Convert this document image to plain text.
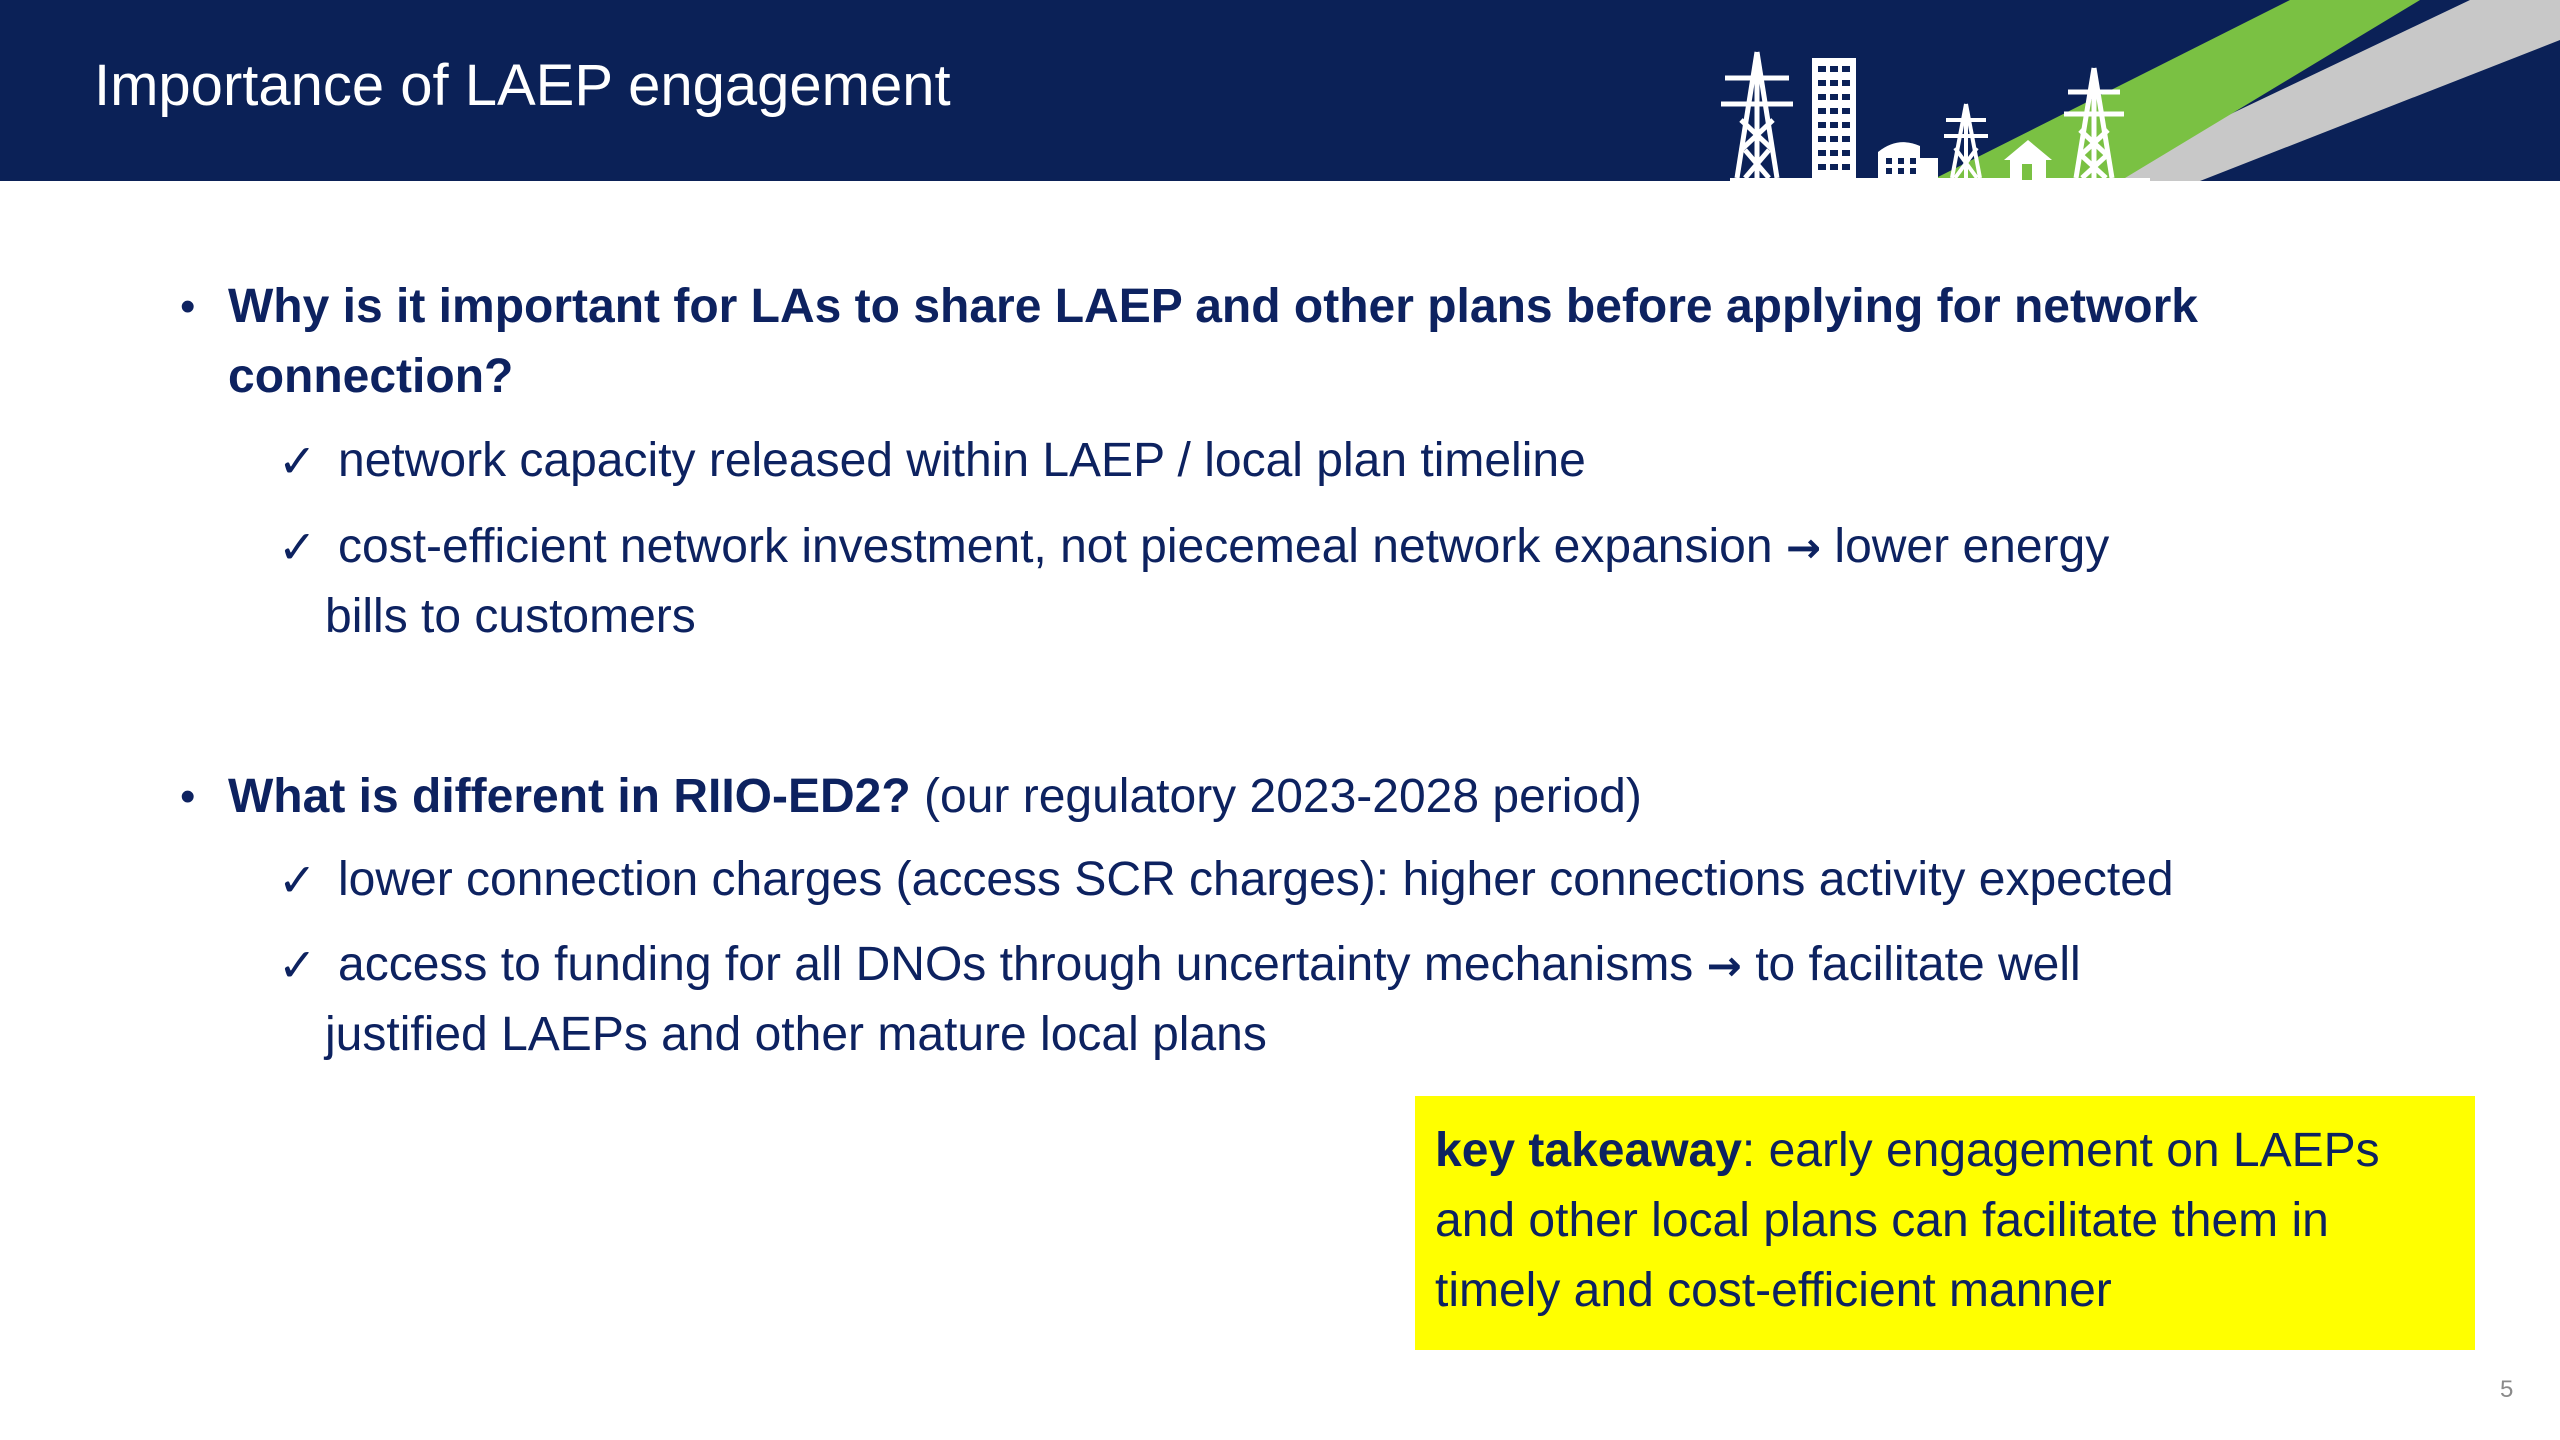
Importance of LAEP engagement
• Why is it important for LAs to share LAEP and other plans before applying for network
connection?
✓ network capacity released within LAEP / local plan timeline
✓ cost-efficient network investment, not piecemeal network expansion → lower energy
bills to customers
• What is different in RIIO-ED2? (our regulatory 2023-2028 period)
✓ lower connection charges (access SCR charges): higher connections activity expected
✓ access to funding for all DNOs through uncertainty mechanisms → to facilitate well
justified LAEPs and other mature local plans
key takeaway: early engagement on LAEPs
and other local plans can facilitate them in
timely and cost-efficient manner
5
